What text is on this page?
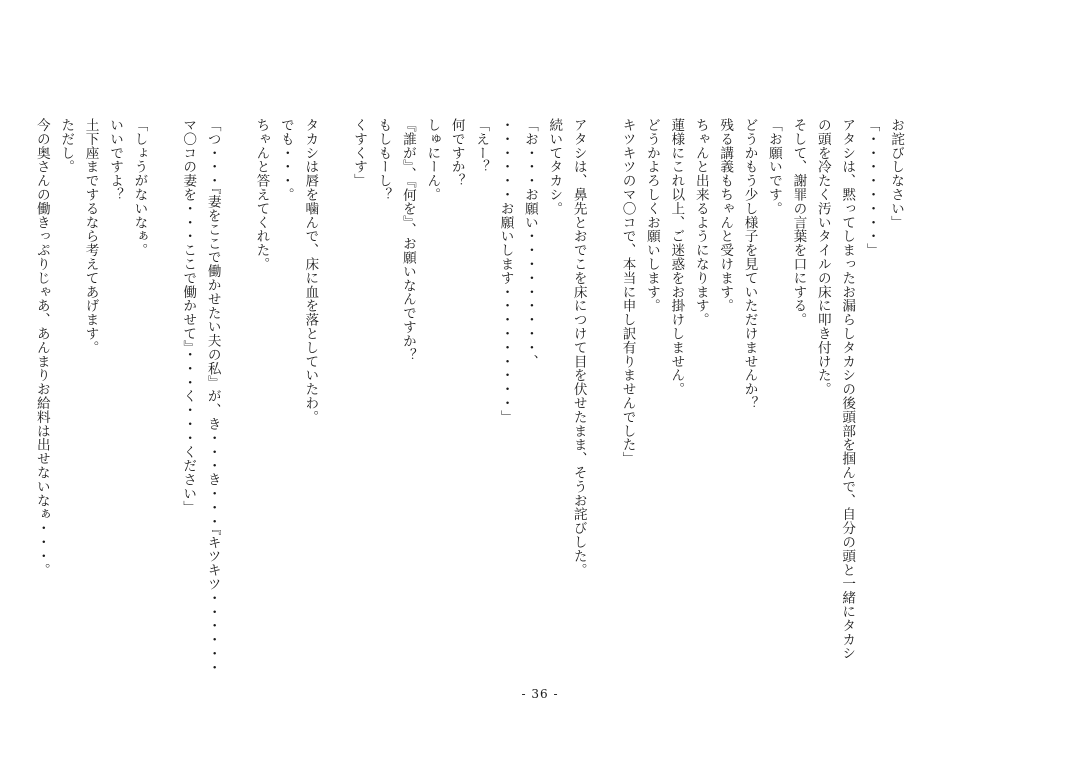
お詫びしなさい」
「・・・・・・・・」
アタシは、黙ってしまったお漏らしタカシの後頭部を掴んで、自分の頭と一緒にタカシ
の頭を冷たく汚いタイルの床に叩き付けた。
そして、謝罪の言葉を口にする。
「お願いです。
どうかもう少し様子を見ていただけませんか？
残る講義もちゃんと受けます。
ちゃんと出来るようになります。
蓮様にこれ以上、ご迷惑をお掛けしません。
どうかよろしくお願いします。
キツキツのマ〇コで、本当に申し訳有りませんでした」

アタシは、鼻先とおでこを床につけて目を伏せたまま、そうお詫びした。
続いてタカシ。
「お・・・お願い・・・・・・・・・、
・・・・・・お願いします・・・・・・・・・」
「えー？
何ですか？
しゅにーん。
『誰が』、『何を』、お願いなんですか？
もしもーし？
くすくす」

タカシは唇を噛んで、床に血を落としていたわ。
でも・・・。
ちゃんと答えてくれた。

「つ・・・『妻をここで働かせたい夫の私』が、き・・・き・・・『キツキツ・・・・・・
マ〇コの妻を・・・ここで働かせて』・・・く・・・ください」

「しょうがないなぁ。
いいですよ？
土下座までするなら考えてあげます。
ただし。
今の奥さんの働きっぷりじゃあ、あんまりお給料は出せないなぁ・・・。
- 36 -
